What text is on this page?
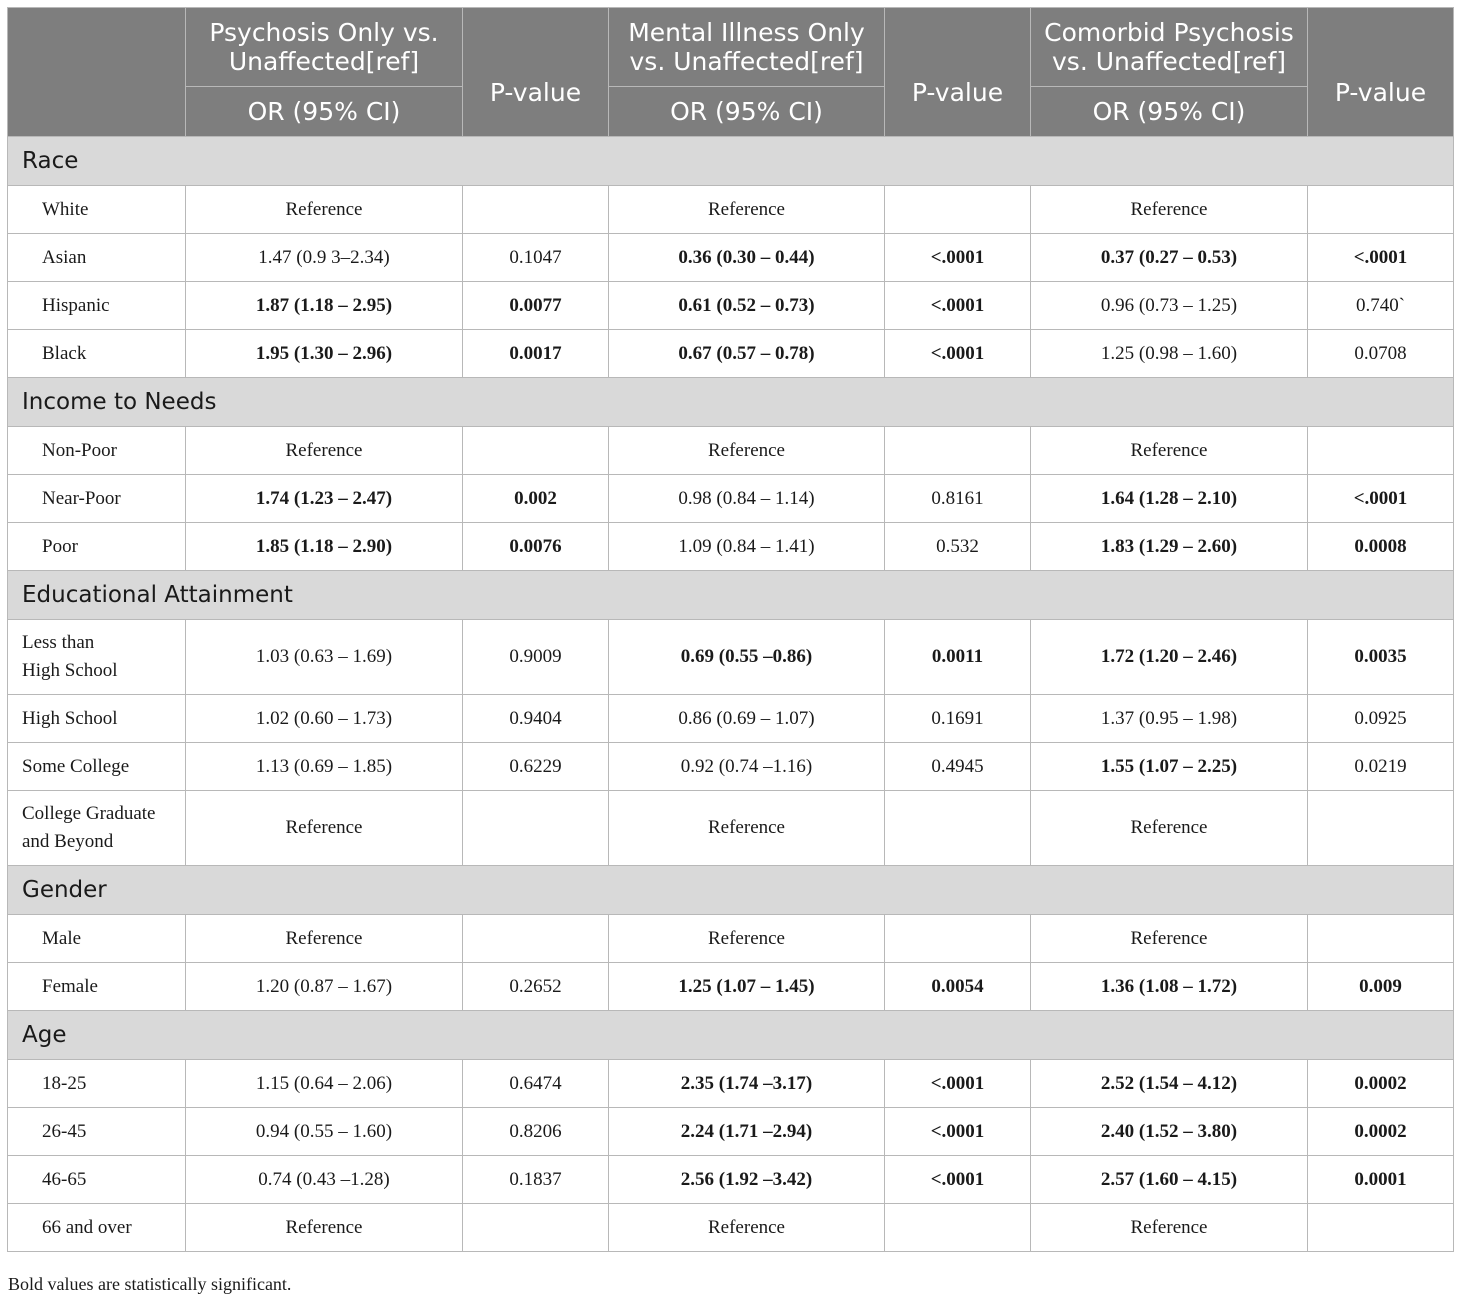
	Psychosis Only vs. Unaffected[ref]	P-value	Mental Illness Only vs. Unaffected[ref]	P-value	Comorbid Psychosis vs. Unaffected[ref]	P-value
	OR (95% CI)		OR (95% CI)		OR (95% CI)	
Race						
White	Reference		Reference		Reference	
Asian	1.47 (0.9 3–2.34)	0.1047	0.36 (0.30 – 0.44)	<.0001	0.37 (0.27 – 0.53)	<.0001
Hispanic	1.87 (1.18 – 2.95)	0.0077	0.61 (0.52 – 0.73)	<.0001	0.96 (0.73 – 1.25)	0.740`
Black	1.95 (1.30 – 2.96)	0.0017	0.67 (0.57 – 0.78)	<.0001	1.25 (0.98 – 1.60)	0.0708
Income to Needs						
Non-Poor	Reference		Reference		Reference	
Near-Poor	1.74 (1.23 – 2.47)	0.002	0.98 (0.84 – 1.14)	0.8161	1.64 (1.28 – 2.10)	<.0001
Poor	1.85 (1.18 – 2.90)	0.0076	1.09 (0.84 – 1.41)	0.532	1.83 (1.29 – 2.60)	0.0008
Educational Attainment						
Less than
High School	1.03 (0.63 – 1.69)	0.9009	0.69 (0.55 –0.86)	0.0011	1.72 (1.20 – 2.46)	0.0035
High School	1.02 (0.60 – 1.73)	0.9404	0.86 (0.69 – 1.07)	0.1691	1.37 (0.95 – 1.98)	0.0925
Some College	1.13 (0.69 – 1.85)	0.6229	0.92 (0.74 –1.16)	0.4945	1.55 (1.07 – 2.25)	0.0219
College Graduate
and Beyond	Reference		Reference		Reference	
Gender						
Male	Reference		Reference		Reference	
Female	1.20 (0.87 – 1.67)	0.2652	1.25 (1.07 – 1.45)	0.0054	1.36 (1.08 – 1.72)	0.009
Age						
18-25	1.15 (0.64 – 2.06)	0.6474	2.35 (1.74 –3.17)	<.0001	2.52 (1.54 – 4.12)	0.0002
26-45	0.94 (0.55 – 1.60)	0.8206	2.24 (1.71 –2.94)	<.0001	2.40 (1.52 – 3.80)	0.0002
46-65	0.74 (0.43 –1.28)	0.1837	2.56 (1.92 –3.42)	<.0001	2.57 (1.60 – 4.15)	0.0001
66 and over	Reference		Reference		Reference	
Bold values are statistically significant.
